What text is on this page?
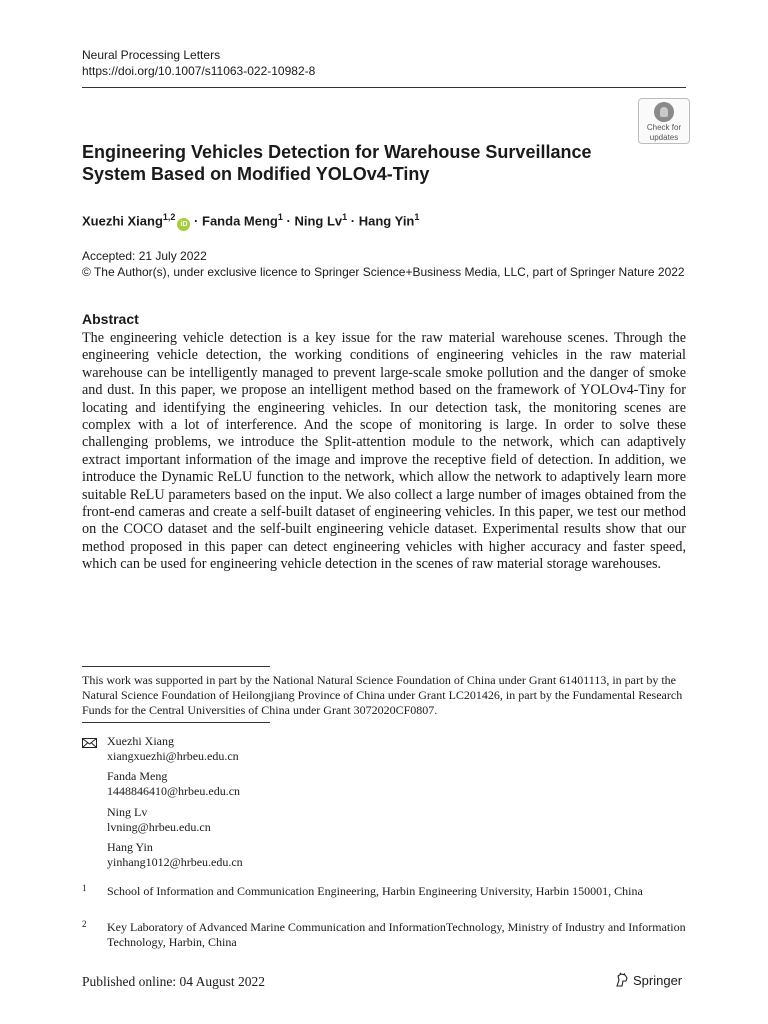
Neural Processing Letters
https://doi.org/10.1007/s11063-022-10982-8
Check for
updates
Engineering Vehicles Detection for Warehouse Surveillance System Based on Modified YOLOv4-Tiny
Xuezhi Xiang$^{1,2}$iD · Fanda Meng$^1$ · Ning $Lv^1$ · Hang Yin$^1$
Accepted: 21 July 2022
© The Author(s), under exclusive licence to Springer Science+Business Media, LLC, part of Springer Nature 2022
Abstract

The engineering vehicle detection is a key issue for the raw material warehouse scenes. Through the engineering vehicle detection, the working conditions of engineering vehicles in the raw material warehouse can be intelligently managed to prevent large-scale smoke pollution and the danger of smoke and dust. In this paper, we propose an intelligent method based on the framework of YOLOv4-Tiny for locating and identifying the engineering vehicles. In our detection task, the monitoring scenes are complex with a lot of interference. And the scope of monitoring is large. In order to solve these challenging problems, we introduce the Split-attention module to the network, which can adaptively extract important information of the image and improve the receptive field of detection. In addition, we introduce the Dynamic ReLU function to the network, which allow the network to adaptively learn more suitable ReLU parameters based on the input. We also collect a large number of images obtained from the front-end cameras and create a self-built dataset of engineering vehicles. In this paper, we test our method on the COCO dataset and the self-built engineering vehicle dataset. Experimental results show that our method proposed in this paper can detect engineering vehicles with higher accuracy and faster speed, which can be used for engineering vehicle detection in the scenes of raw material storage warehouses.

This work was supported in part by the National Natural Science Foundation of China under Grant 61401113, in part by the Natural Science Foundation of Heilongjiang Province of China under Grant LC201426, in part by the Fundamental Research Funds for the Central Universities of China under Grant 3072020CF0807.

Xuezhi Xiang
xiangxuezhi@hrbeu.edu.cn
Fanda Meng
1448846410@hrbeu.edu.cn
Ning Lv
lvning@hrbeu.edu.cn
Hang Yin
yinhang1012@hrbeu.edu.cn
1 School of Information and Communication Engineering, Harbin Engineering University, Harbin 150001, China
2 Key Laboratory of Advanced Marine Communication and InformationTechnology, Ministry of Industry and Information Technology, Harbin, China
Published online: 04 August 2022	Springer
